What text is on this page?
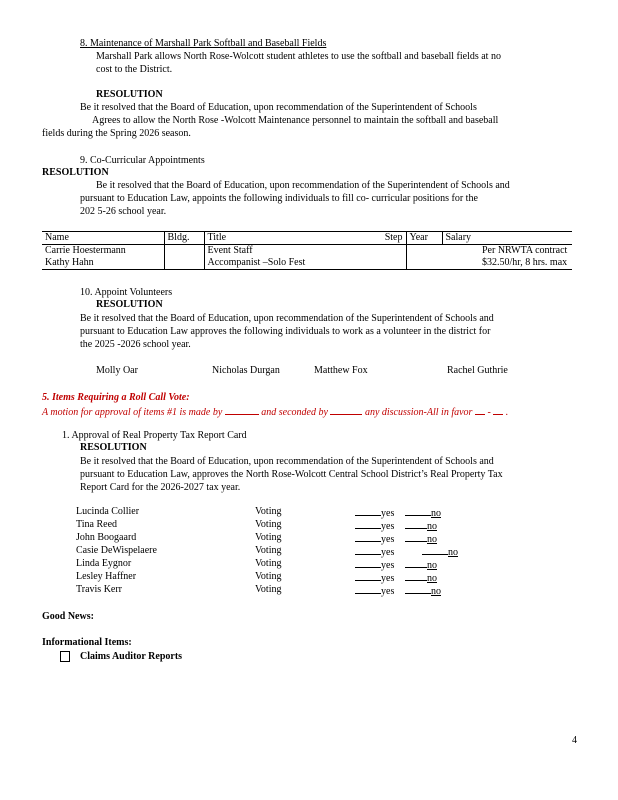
8. Maintenance of Marshall Park Softball and Baseball Fields
Marshall Park allows North Rose-Wolcott student athletes to use the softball and baseball fields at no
cost to the District.
RESOLUTION
Be it resolved that the Board of Education, upon recommendation of the Superintendent of Schools
Agrees to allow the North Rose -Wolcott Maintenance personnel to maintain the softball and baseball
fields during the Spring 2026 season.
9. Co-Curricular Appointments
RESOLUTION
Be it resolved that the Board of Education, upon recommendation of the Superintendent of Schools and
pursuant to Education Law, appoints the following individuals to fill co- curricular positions for the
202 5-26 school year.
Name	Bldg.	Title	Step	Year	Salary
Carrie Hoestermann		Event Staff			Per NRWTA contract
Kathy Hahn		Accompanist –Solo Fest			$32.50/hr, 8 hrs. max
10. Appoint Volunteers
RESOLUTION
Be it resolved that the Board of Education, upon recommendation of the Superintendent of Schools and
pursuant to Education Law approves the following individuals to work as a volunteer in the district for
the 2025 -2026 school year.
Molly Oar	Nicholas Durgan	Matthew Fox	Rachel Guthrie
5. Items Requiring a Roll Call Vote:
A motion for approval of items #1 is made by	and seconded by	any discussion-All in favor  -  .
1. Approval of Real Property Tax Report Card
RESOLUTION
Be it resolved that the Board of Education, upon recommendation of the Superintendent of Schools and
pursuant to Education Law, approves the North Rose-Wolcott Central School District’s Real Property Tax
Report Card for the 2026-2027 tax year.
Lucinda Collier	Voting	yes	no
Tina Reed	Voting	yes	no
John Boogaard	Voting	yes	no
Casie DeWispelaere	Voting	yes	no
Linda Eygnor	Voting	yes	no
Lesley Haffner	Voting	yes	no
Travis Kerr	Voting	yes	no
Good News:
Informational Items:
Claims Auditor Reports
4
